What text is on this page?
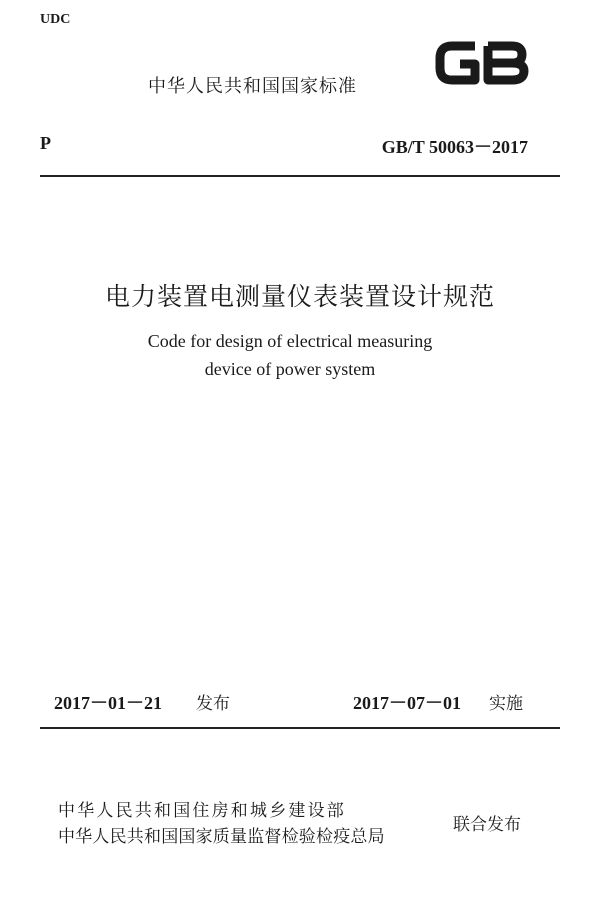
UDC
中华人民共和国国家标准
P	GB/T 50063－2017
电力装置电测量仪表装置设计规范
Code for design of electrical measuring
device of power system
2017－01－21 发布	2017－07－01 实施
中华人民共和国住房和城乡建设部
中华人民共和国国家质量监督检验检疫总局
联合发布
